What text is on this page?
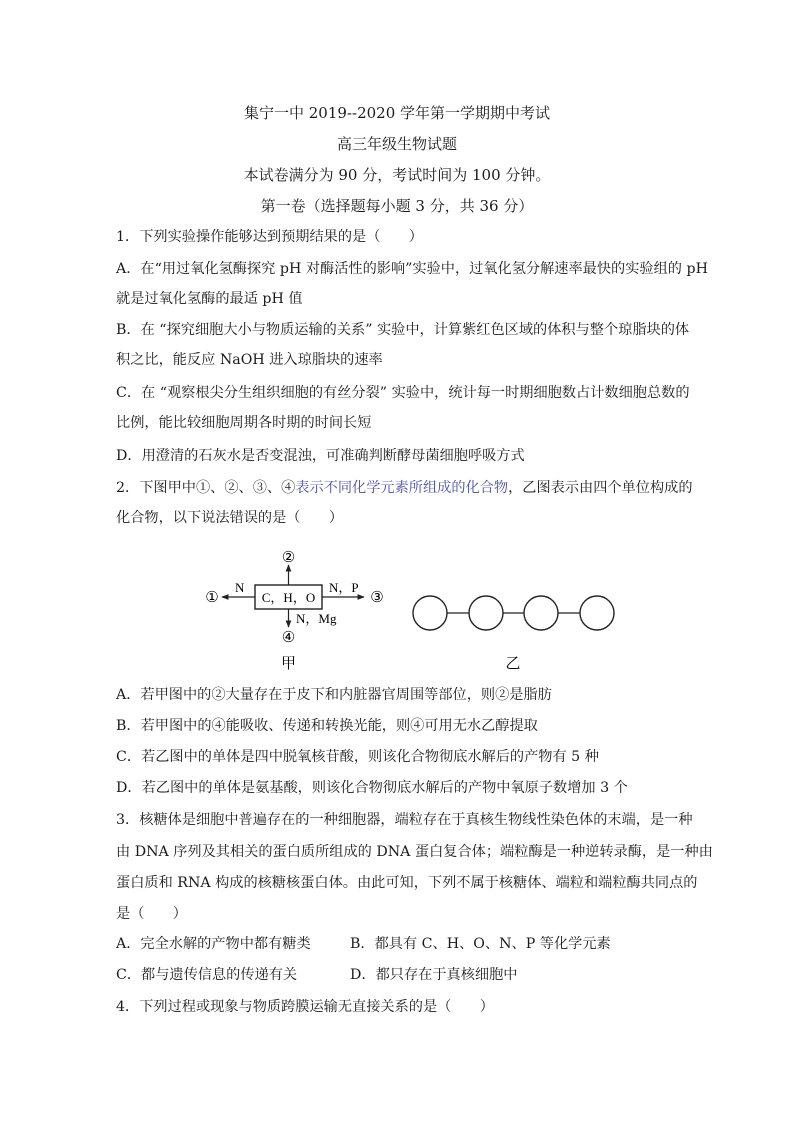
集宁一中 2019--2020 学年第一学期期中考试
高三年级生物试题
本试卷满分为 90 分，考试时间为 100 分钟。
第一卷（选择题每小题 3 分，共 36 分）
1．下列实验操作能够达到预期结果的是（　　）
A．在“用过氧化氢酶探究 pH 对酶活性的影响”实验中，过氧化氢分解速率最快的实验组的 pH
就是过氧化氢酶的最适 pH 值
B．在 “探究细胞大小与物质运输的关系” 实验中，计算紫红色区域的体积与整个琼脂块的体
积之比，能反应 NaOH 进入琼脂块的速率
C．在 “观察根尖分生组织细胞的有丝分裂” 实验中，统计每一时期细胞数占计数细胞总数的
比例，能比较细胞周期各时期的时间长短
D．用澄清的石灰水是否变混浊，可准确判断酵母菌细胞呼吸方式
2．下图甲中①、②、③、④表示不同化学元素所组成的化合物，乙图表示由四个单位构成的
化合物，以下说法错误的是（　　）
C，H，O
N
①
②
N，P
③
N，Mg
④
甲	乙
A．若甲图中的②大量存在于皮下和内脏器官周围等部位，则②是脂肪
B．若甲图中的④能吸收、传递和转换光能，则④可用无水乙醇提取
C．若乙图中的单体是四中脱氧核苷酸，则该化合物彻底水解后的产物有 5 种
D．若乙图中的单体是氨基酸，则该化合物彻底水解后的产物中氧原子数增加 3 个
3．核糖体是细胞中普遍存在的一种细胞器，端粒存在于真核生物线性染色体的末端，是一种
由 DNA 序列及其相关的蛋白质所组成的 DNA 蛋白复合体；端粒酶是一种逆转录酶，是一种由
蛋白质和 RNA 构成的核糖核蛋白体。由此可知，下列不属于核糖体、端粒和端粒酶共同点的
是（　　）
A．完全水解的产物中都有糖类	B．都具有 C、H、O、N、P 等化学元素
C．都与遗传信息的传递有关	D．都只存在于真核细胞中
4．下列过程或现象与物质跨膜运输无直接关系的是（　　）
